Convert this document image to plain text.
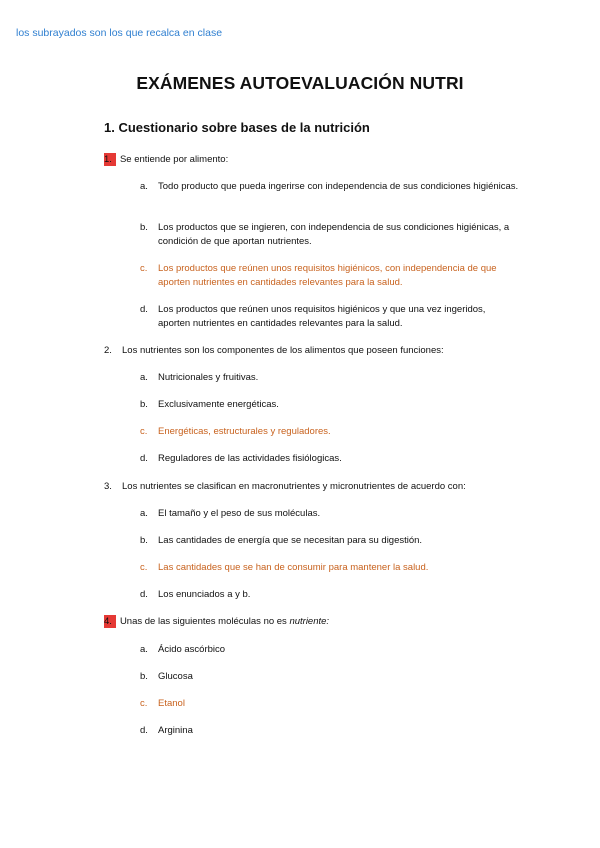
los subrayados son los que recalca en clase
EXÁMENES AUTOEVALUACIÓN NUTRI
1. Cuestionario sobre bases de la nutrición
1. Se entiende por alimento:
a. Todo producto que pueda ingerirse con independencia de sus condiciones higiénicas.
b. Los productos que se ingieren, con independencia de sus condiciones higiénicas, a condición de que aportan nutrientes.
c. Los productos que reúnen unos requisitos higiénicos, con independencia de que aporten nutrientes en cantidades relevantes para la salud.
d. Los productos que reúnen unos requisitos higiénicos y que una vez ingeridos, aporten nutrientes en cantidades relevantes para la salud.
2. Los nutrientes son los componentes de los alimentos que poseen funciones:
a. Nutricionales y fruitivas.
b. Exclusivamente energéticas.
c. Energéticas, estructurales y reguladores.
d. Reguladores de las actividades fisiólogicas.
3. Los nutrientes se clasifican en macronutrientes y micronutrientes de acuerdo con:
a. El tamaño y el peso de sus moléculas.
b. Las cantidades de energía que se necesitan para su digestión.
c. Las cantidades que se han de consumir para mantener la salud.
d. Los enunciados a y b.
4. Unas de las siguientes moléculas no es nutriente:
a. Ácido ascórbico
b. Glucosa
c. Etanol
d. Arginina
